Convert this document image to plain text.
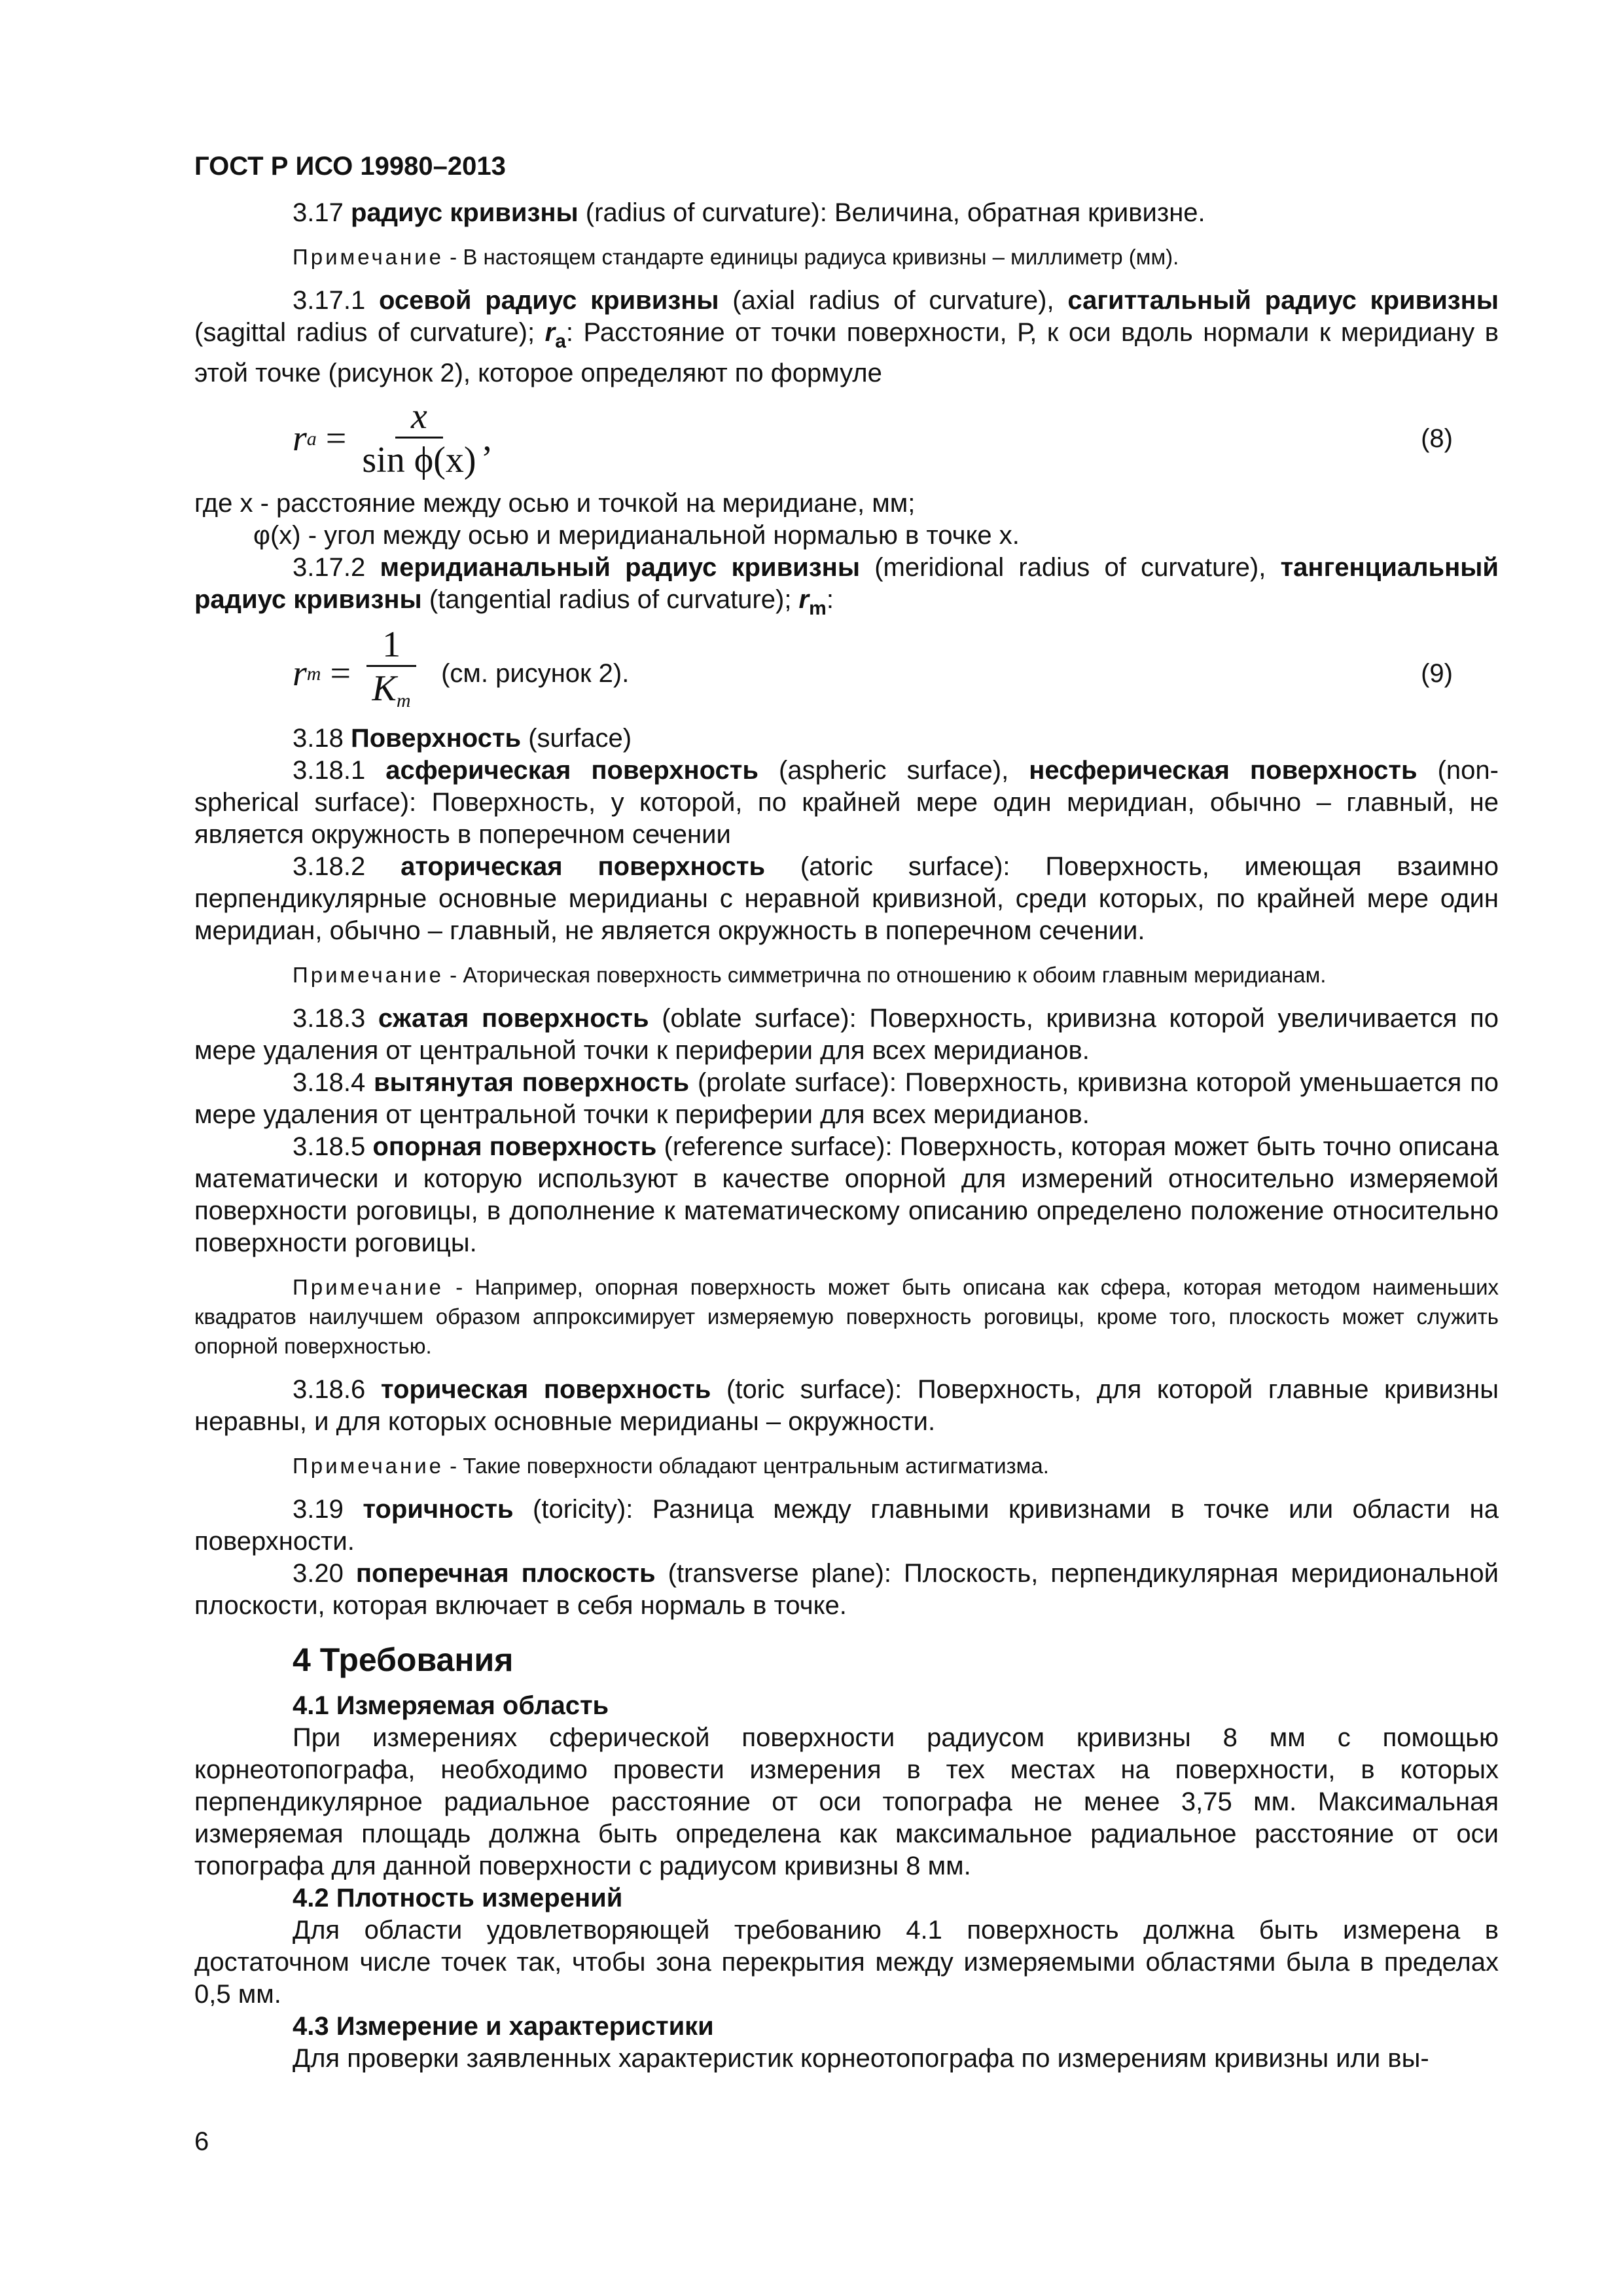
ГОСТ Р ИСО 19980–2013

3.17 радиус кривизны (radius of curvature): Величина, обратная кривизне.

Примечание - В настоящем стандарте единицы радиуса кривизны – миллиметр (мм).

3.17.1 осевой радиус кривизны (axial radius of curvature), сагиттальный радиус кривизны (sagittal radius of curvature); $r_a$: Расстояние от точки поверхности, Р, к оси вдоль нормали к меридиану в этой точке (рисунок 2), которое определяют по формуле

r $a = \frac{x}{\text{sin ϕ(x)}}$ ,	(8)

где x - расстояние между осью и точкой на меридиане, мм;

φ(x) - угол между осью и меридианальной нормалью в точке x.

3.17.2 меридианальный радиус кривизны (meridional radius of curvature), тангенциальный радиус кривизны (tangential radius of curvature); $r_m$:

r $m = \frac{1}{K_m} (см$. рисунок 2).	(9)

3.18 Поверхность (surface)

3.18.1 асферическая поверхность (aspheric surface), несферическая поверхность (non-spherical surface): Поверхность, у которой, по крайней мере один меридиан, обычно – главный, не является окружность в поперечном сечении

3.18.2 аторическая поверхность (atoric surface): Поверхность, имеющая взаимно перпендикулярные основные меридианы с неравной кривизной, среди которых, по крайней мере один меридиан, обычно – главный, не является окружность в поперечном сечении.

Примечание - Аторическая поверхность симметрична по отношению к обоим главным меридианам.

3.18.3 сжатая поверхность (oblate surface): Поверхность, кривизна которой увеличивается по мере удаления от центральной точки к периферии для всех меридианов.

3.18.4 вытянутая поверхность (prolate surface): Поверхность, кривизна которой уменьшается по мере удаления от центральной точки к периферии для всех меридианов.

3.18.5 опорная поверхность (reference surface): Поверхность, которая может быть точно описана математически и которую используют в качестве опорной для измерений относительно измеряемой поверхности роговицы, в дополнение к математическому описанию определено положение относительно поверхности роговицы.

Примечание - Например, опорная поверхность может быть описана как сфера, которая методом наименьших квадратов наилучшем образом аппроксимирует измеряемую поверхность роговицы, кроме того, плоскость может служить опорной поверхностью.

3.18.6 торическая поверхность (toric surface): Поверхность, для которой главные кривизны неравны, и для которых основные меридианы – окружности.

Примечание - Такие поверхности обладают центральным астигматизма.

3.19 торичность (toricity): Разница между главными кривизнами в точке или области на поверхности.

3.20 поперечная плоскость (transverse plane): Плоскость, перпендикулярная меридиональной плоскости, которая включает в себя нормаль в точке.

4 Требования
4.1 Измеряемая область

При измерениях сферической поверхности радиусом кривизны 8 мм с помощью корнеотопографа, необходимо провести измерения в тех местах на поверхности, в которых перпендикулярное радиальное расстояние от оси топографа не менее 3,75 мм. Максимальная измеряемая площадь должна быть определена как максимальное радиальное расстояние от оси топографа для данной поверхности с радиусом кривизны 8 мм.

4.2 Плотность измерений

Для области удовлетворяющей требованию 4.1 поверхность должна быть измерена в достаточном числе точек так, чтобы зона перекрытия между измеряемыми областями была в пределах 0,5 мм.

4.3 Измерение и характеристики

Для проверки заявленных характеристик корнеотопографа по измерениям кривизны или вы-

6
